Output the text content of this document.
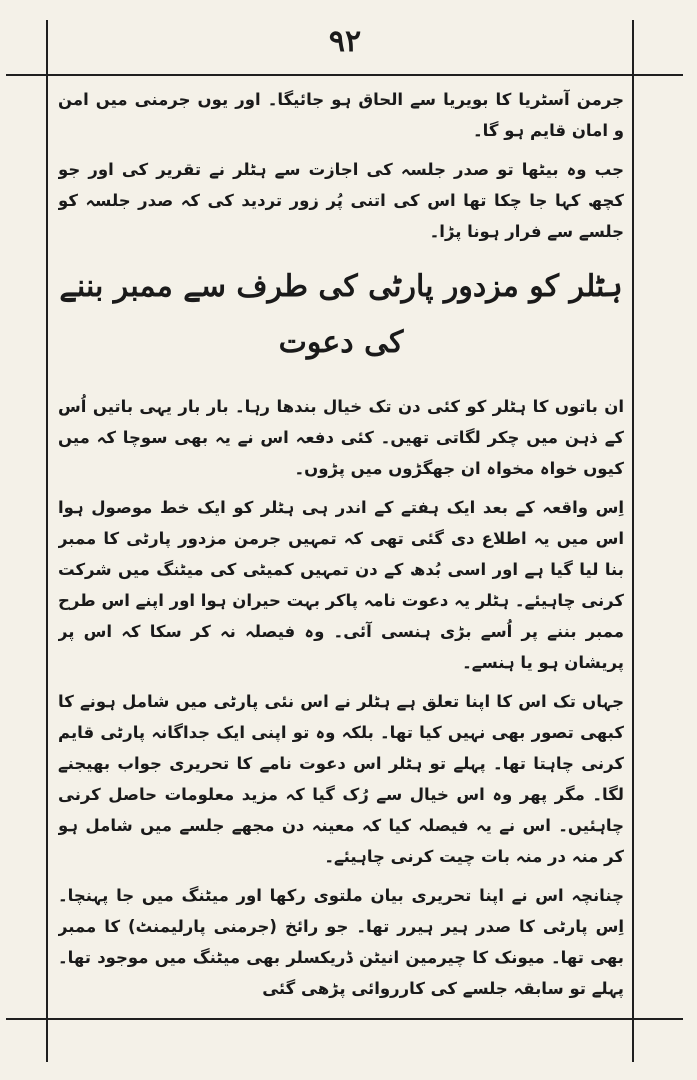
۹۲

جرمن آسٹریا کا بویریا سے الحاق ہو جائیگا۔ اور یوں جرمنی میں امن و امان قایم ہو گا۔

جب وہ بیٹھا تو صدر جلسہ کی اجازت سے ہٹلر نے تقریر کی اور جو کچھ کہا جا چکا تھا اس کی اتنی پُر زور تردید کی کہ صدر جلسہ کو جلسے سے فرار ہونا پڑا۔

ہٹلر کو مزدور پارٹی کی طرف سے ممبر بننے کی دعوت

ان باتوں کا ہٹلر کو کئی دن تک خیال بندھا رہا۔ بار بار یہی باتیں اُس کے ذہن میں چکر لگاتی تھیں۔ کئی دفعہ اس نے یہ بھی سوچا کہ میں کیوں خواہ مخواہ ان جھگڑوں میں پڑوں۔

اِس واقعہ کے بعد ایک ہفتے کے اندر ہی ہٹلر کو ایک خط موصول ہوا اس میں یہ اطلاع دی گئی تھی کہ تمہیں جرمن مزدور پارٹی کا ممبر بنا لیا گیا ہے اور اسی بُدھ کے دن تمہیں کمیٹی کی میٹنگ میں شرکت کرنی چاہیئے۔ ہٹلر یہ دعوت نامہ پاکر بہت حیران ہوا اور اپنے اس طرح ممبر بننے پر اُسے بڑی ہنسی آئی۔ وہ فیصلہ نہ کر سکا کہ اس پر پریشان ہو یا ہنسے۔

جہاں تک اس کا اپنا تعلق ہے ہٹلر نے اس نئی پارٹی میں شامل ہونے کا کبھی تصور بھی نہیں کیا تھا۔ بلکہ وہ تو اپنی ایک جداگانہ پارٹی قایم کرنی چاہتا تھا۔ پہلے تو ہٹلر اس دعوت نامے کا تحریری جواب بھیجنے لگا۔ مگر پھر وہ اس خیال سے رُک گیا کہ مزید معلومات حاصل کرنی چاہئیں۔ اس نے یہ فیصلہ کیا کہ معینہ دن مجھے جلسے میں شامل ہو کر منہ در منہ بات چیت کرنی چاہیئے۔

چنانچہ اس نے اپنا تحریری بیان ملتوی رکھا اور میٹنگ میں جا پہنچا۔ اِس پارٹی کا صدر ہیر ہیرر تھا۔ جو رائخ (جرمنی پارلیمنٹ) کا ممبر بھی تھا۔ میونک کا چیرمین انیٹن ڈریکسلر بھی میٹنگ میں موجود تھا۔ پہلے تو سابقہ جلسے کی کارروائی پڑھی گئی
